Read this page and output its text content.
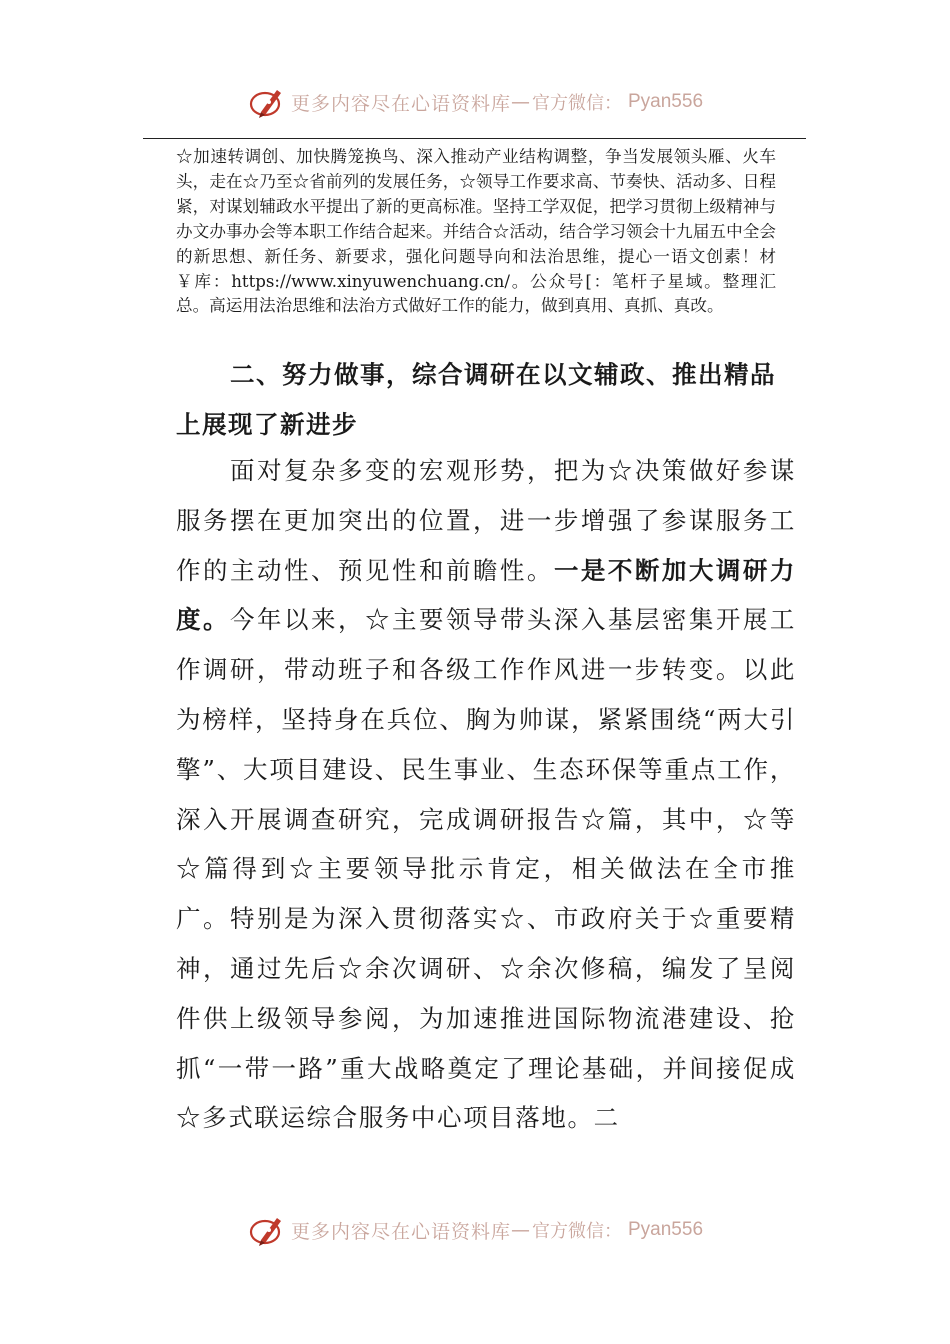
更多内容尽在心语资料库 — 官方微信： Pyan556

☆加速转调创、加快腾笼换鸟、深入推动产业结构调整，争当发展领头雁、火车头，走在☆乃至☆省前列的发展任务，☆领导工作要求高、节奏快、活动多、日程紧，对谋划辅政水平提出了新的更高标准。坚持工学双促，把学习贯彻上级精神与办文办事办会等本职工作结合起来。并结合☆活动，结合学习领会十九届五中全会的新思想、新任务、新要求，强化问题导向和法治思维，提心一语文创素！材￥库：https://www.xinyuwenchuang.cn/。公众号[：笔杆子星域。整理汇总。高运用法治思维和法治方式做好工作的能力，做到真用、真抓、真改。

二、努力做事，综合调研在以文辅政、推出精品上展现了新进步

面对复杂多变的宏观形势，把为☆决策做好参谋服务摆在更加突出的位置，进一步增强了参谋服务工作的主动性、预见性和前瞻性。一是不断加大调研力度。今年以来，☆主要领导带头深入基层密集开展工作调研，带动班子和各级工作作风进一步转变。以此为榜样，坚持身在兵位、胸为帅谋，紧紧围绕“两大引擎”、大项目建设、民生事业、生态环保等重点工作，深入开展调查研究，完成调研报告☆篇，其中，☆等☆篇得到☆主要领导批示肯定，相关做法在全市推广。特别是为深入贯彻落实☆、市政府关于☆重要精神，通过先后☆余次调研、☆余次修稿，编发了呈阅件供上级领导参阅，为加速推进国际物流港建设、抢抓“一带一路”重大战略奠定了理论基础，并间接促成☆多式联运综合服务中心项目落地。二

更多内容尽在心语资料库 — 官方微信： Pyan556
